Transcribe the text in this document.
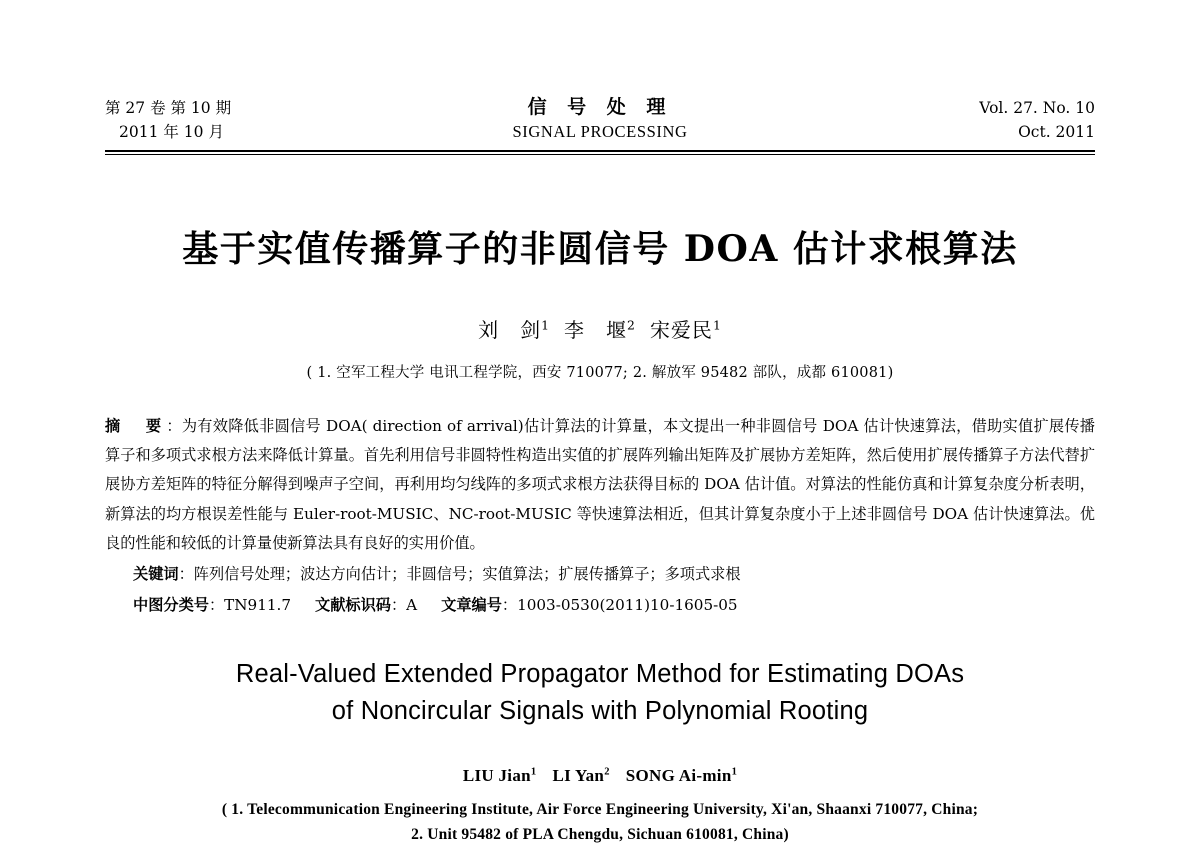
第 27 卷 第 10 期
2011 年 10 月
信 号 处 理
SIGNAL PROCESSING
Vol. 27. No. 10
Oct. 2011
基于实值传播算子的非圆信号 DOA 估计求根算法
刘　剑$^1$ 李　堰$^2$ 宋爱民$^1$
( 1. 空军工程大学 电讯工程学院，西安 710077; 2. 解放军 95482 部队，成都 610081)
摘　要：为有效降低非圆信号 DOA( direction of arrival)估计算法的计算量，本文提出一种非圆信号 DOA 估计快速算法，借助实值扩展传播算子和多项式求根方法来降低计算量。首先利用信号非圆特性构造出实值的扩展阵列输出矩阵及扩展协方差矩阵，然后使用扩展传播算子方法代替扩展协方差矩阵的特征分解得到噪声子空间，再利用均匀线阵的多项式求根方法获得目标的 DOA 估计值。对算法的性能仿真和计算复杂度分析表明，新算法的均方根误差性能与 Euler-root-MUSIC、NC-root-MUSIC 等快速算法相近，但其计算复杂度小于上述非圆信号 DOA 估计快速算法。优良的性能和较低的计算量使新算法具有良好的实用价值。
关键词：阵列信号处理；波达方向估计；非圆信号；实值算法；扩展传播算子；多项式求根
中图分类号：TN911.7 文献标识码：A 文章编号：1003-0530(2011)10-1605-05
Real-Valued Extended Propagator Method for Estimating DOAs
of Noncircular Signals with Polynomial Rooting
LIU Jian$^1$ LI Yan$^2$ SONG $Ai-\min^1$
( 1. Telecommunication Engineering Institute, Air Force Engineering University, Xi'an, Shaanxi 710077, China;
2. Unit 95482 of PLA Chengdu, Sichuan 610081, China)
